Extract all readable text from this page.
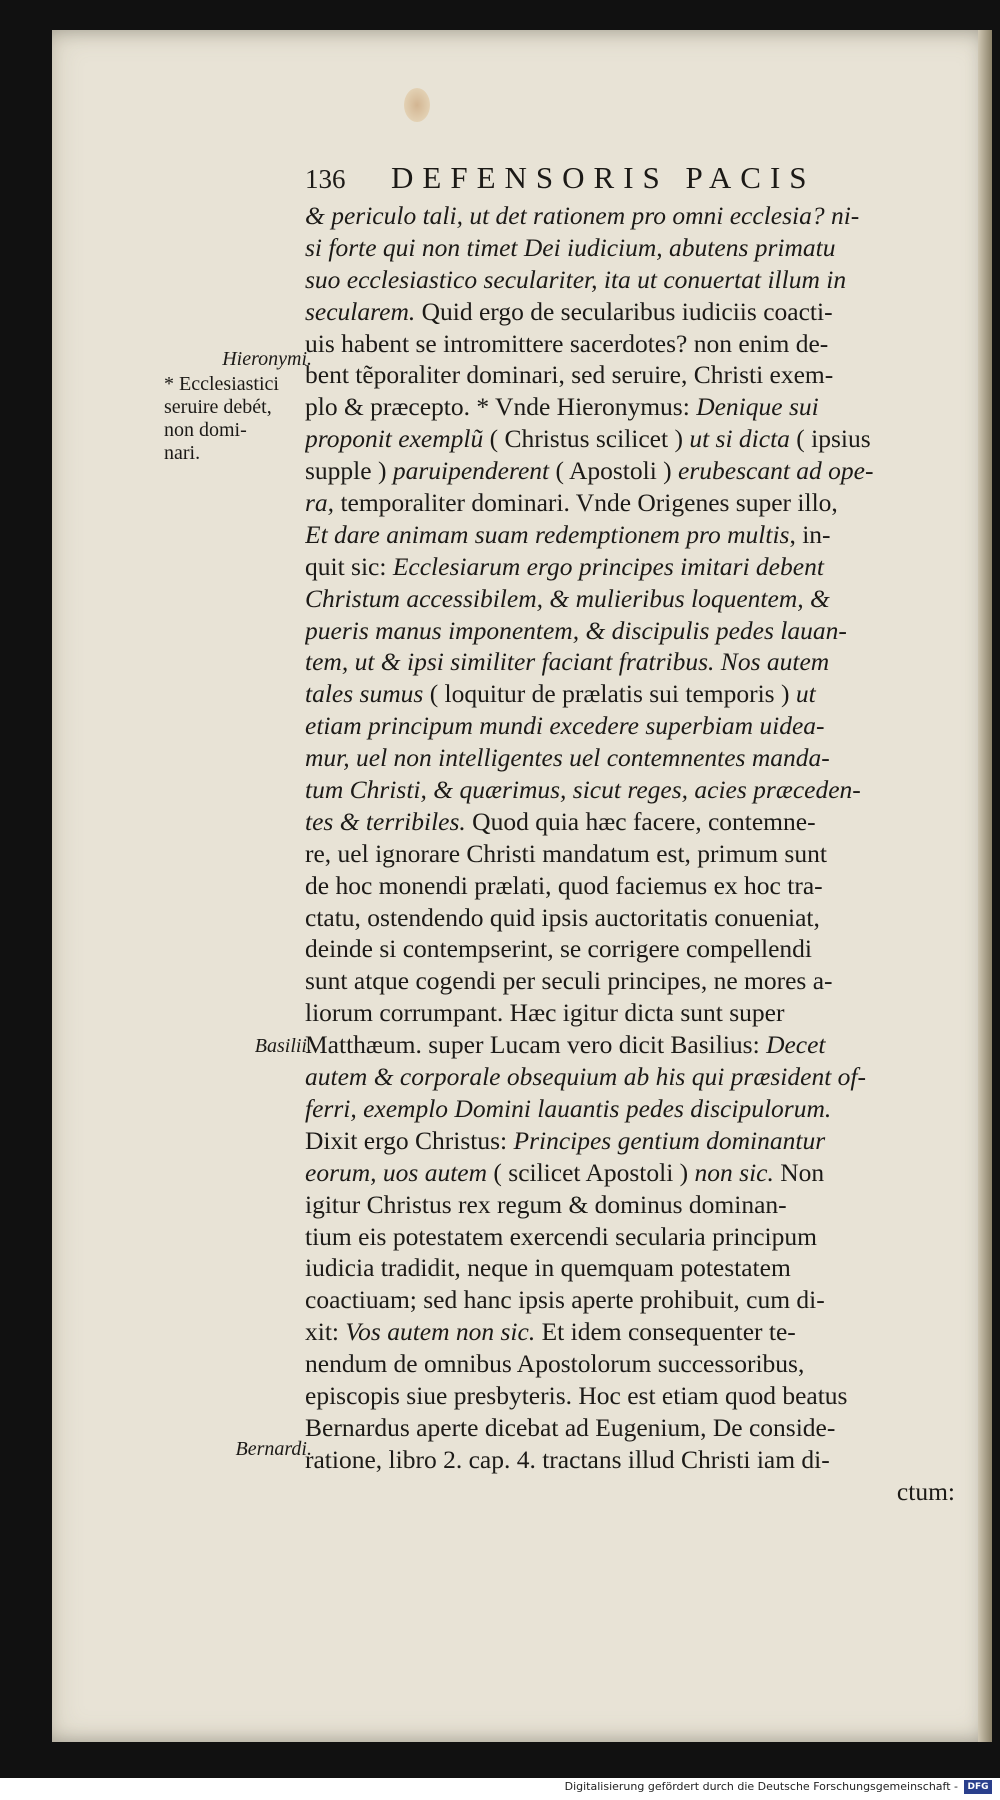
136 DEFENSORIS PACIS
Hieronymi.
* Ecclesiastici
seruire debét,
non domi-
nari.
Basilii.
Bernardi.
& periculo tali, ut det rationem pro omni ecclesia? ni-
si forte qui non timet Dei iudicium, abutens primatu
suo ecclesiastico seculariter, ita ut conuertat illum in
secularem. Quid ergo de secularibus iudiciis coacti-
uis habent se intromittere sacerdotes? non enim de-
bent tẽporaliter dominari, sed seruire, Christi exem-
plo & præcepto. * Vnde Hieronymus: Denique sui
proponit exemplũ ( Christus scilicet ) ut si dicta ( ipsius
supple ) paruipenderent ( Apostoli ) erubescant ad ope-
ra, temporaliter dominari. Vnde Origenes super illo,
Et dare animam suam redemptionem pro multis, in-
quit sic: Ecclesiarum ergo principes imitari debent
Christum accessibilem, & mulieribus loquentem, &
pueris manus imponentem, & discipulis pedes lauan-
tem, ut & ipsi similiter faciant fratribus. Nos autem
tales sumus ( loquitur de prælatis sui temporis ) ut
etiam principum mundi excedere superbiam uidea-
mur, uel non intelligentes uel contemnentes manda-
tum Christi, & quærimus, sicut reges, acies præceden-
tes & terribiles. Quod quia hæc facere, contemne-
re, uel ignorare Christi mandatum est, primum sunt
de hoc monendi prælati, quod faciemus ex hoc tra-
ctatu, ostendendo quid ipsis auctoritatis conueniat,
deinde si contempserint, se corrigere compellendi
sunt atque cogendi per seculi principes, ne mores a-
liorum corrumpant. Hæc igitur dicta sunt super
Matthæum. super Lucam vero dicit Basilius: Decet
autem & corporale obsequium ab his qui præsident of-
ferri, exemplo Domini lauantis pedes discipulorum.
Dixit ergo Christus: Principes gentium dominantur
eorum, uos autem ( scilicet Apostoli ) non sic. Non
igitur Christus rex regum & dominus dominan-
tium eis potestatem exercendi secularia principum
iudicia tradidit, neque in quemquam potestatem
coactiuam; sed hanc ipsis aperte prohibuit, cum di-
xit: Vos autem non sic. Et idem consequenter te-
nendum de omnibus Apostolorum successoribus,
episcopis siue presbyteris. Hoc est etiam quod beatus
Bernardus aperte dicebat ad Eugenium, De conside-
ratione, libro 2. cap. 4. tractans illud Christi iam di-
ctum:
Digitalisierung gefördert durch die Deutsche Forschungsgemeinschaft -	DFG
